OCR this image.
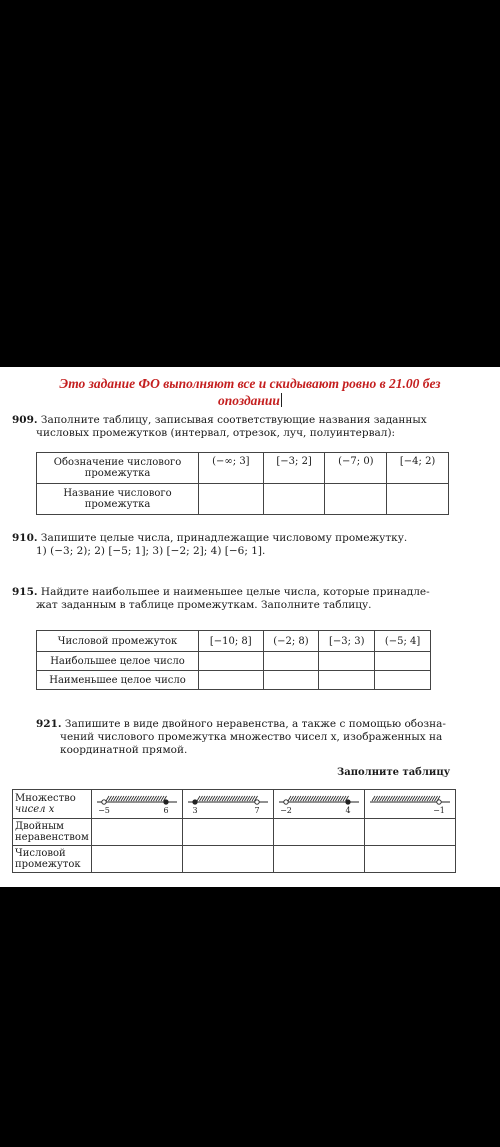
Это задание ФО выполняют все и скидывают ровно в 21.00 без
опоздании
909. Заполните таблицу, записывая соответствующие названия заданных
числовых промежутков (интервал, отрезок, луч, полуинтервал):
Обозначение числового
промежутка	(−∞; 3]	[−3; 2]	(−7; 0)	[−4; 2)
Название числового
промежутка				
910. Запишите целые числа, принадлежащие числовому промежутку.
1) (−3; 2); 2) [−5; 1]; 3) [−2; 2]; 4) [−6; 1].
915. Найдите наибольшее и наименьшее целые числа, которые принадле-
жат заданным в таблице промежуткам. Заполните таблицу.
Числовой промежуток	[−10; 8]	(−2; 8)	[−3; 3)	(−5; 4]
Наибольшее целое число				
Наименьшее целое число				
921. Запишите в виде двойного неравенства, а также с помощью обозна-
чений числового промежутка множество чисел x, изображенных на
координатной прямой.
Заполните таблицу
Множество
чисел x	−5 6	3 7	−2 4	−1

Двойным
неравенством				
Числовой
промежуток				
